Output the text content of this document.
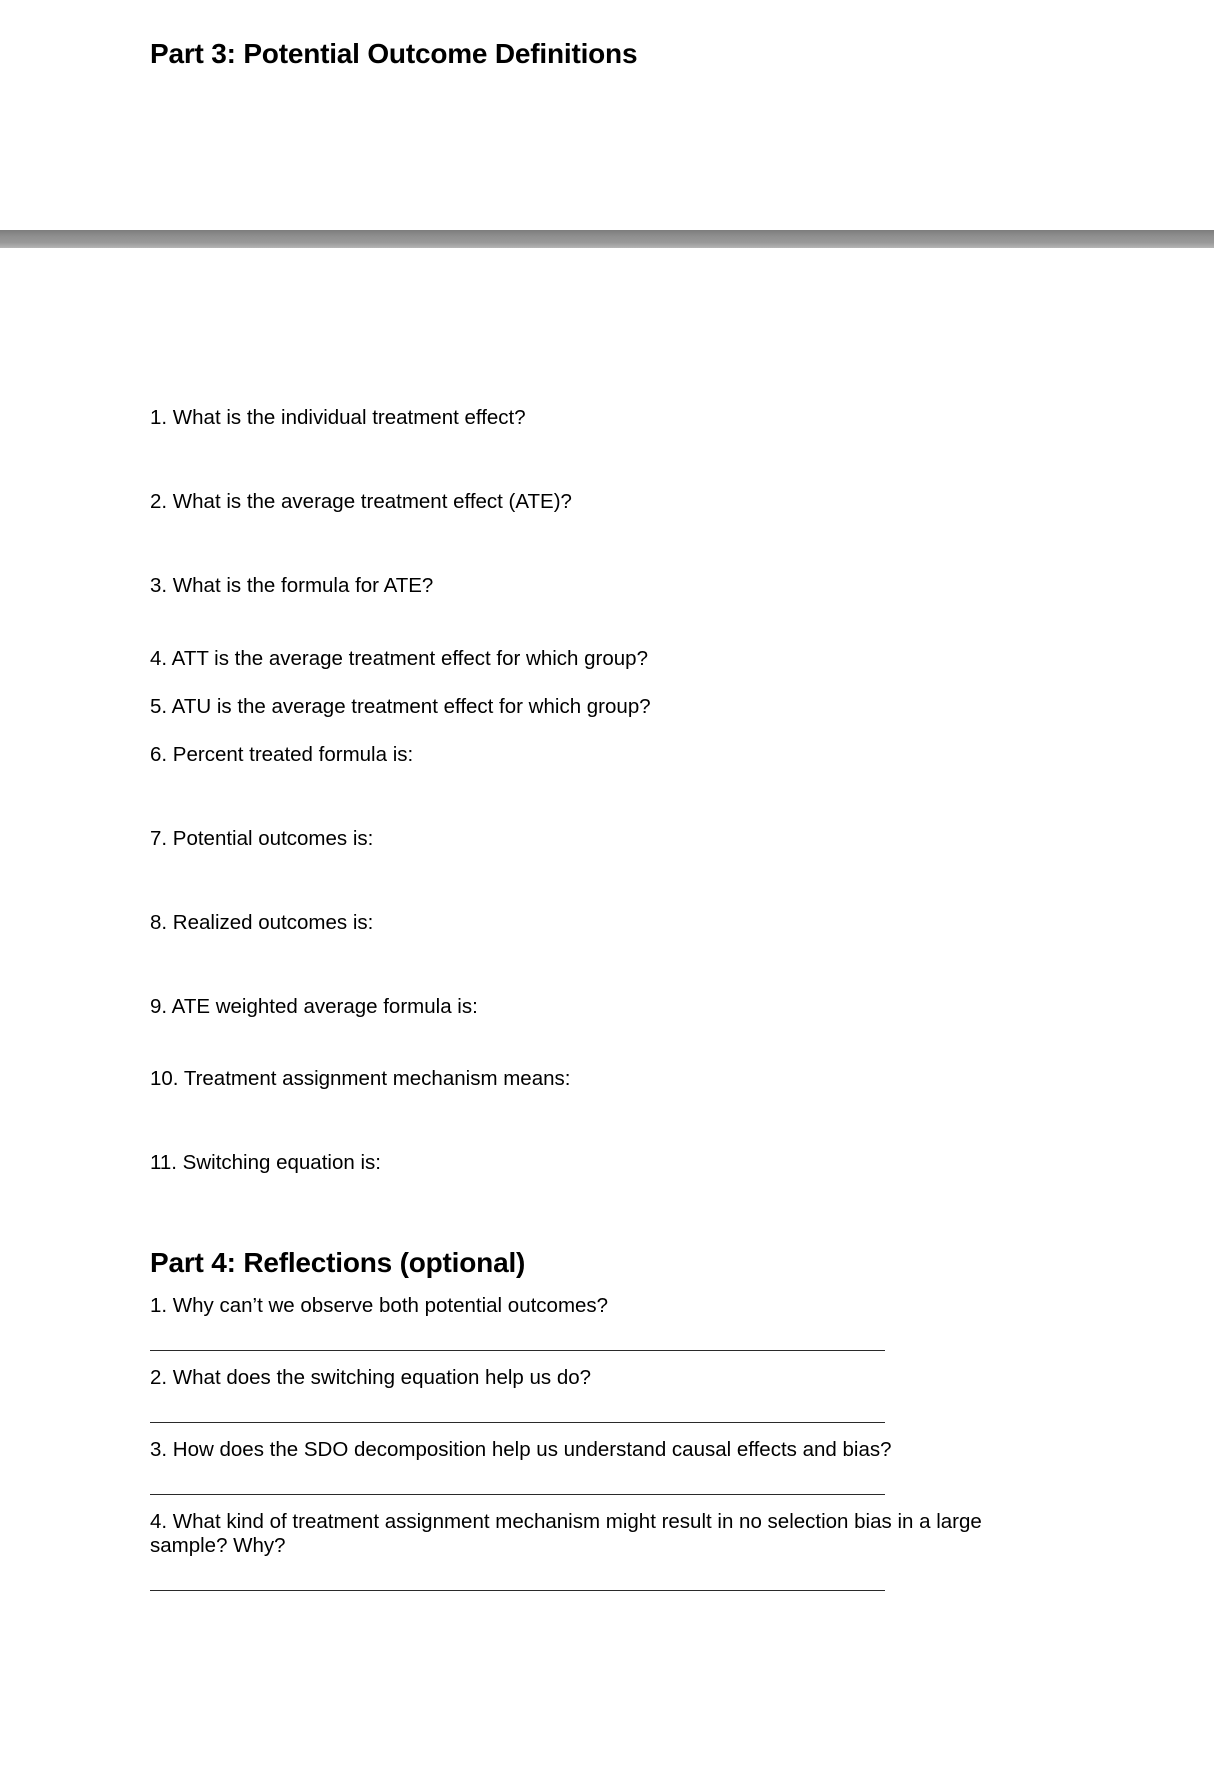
Part 3: Potential Outcome Definitions
1. What is the individual treatment effect?
2. What is the average treatment effect (ATE)?
3. What is the formula for ATE?
4. ATT is the average treatment effect for which group?
5. ATU is the average treatment effect for which group?
6. Percent treated formula is:
7. Potential outcomes is:
8. Realized outcomes is:
9. ATE weighted average formula is:
10. Treatment assignment mechanism means:
11. Switching equation is:
Part 4: Reflections (optional)
1. Why can’t we observe both potential outcomes?
2. What does the switching equation help us do?
3. How does the SDO decomposition help us understand causal effects and bias?
4. What kind of treatment assignment mechanism might result in no selection bias in a large sample? Why?
